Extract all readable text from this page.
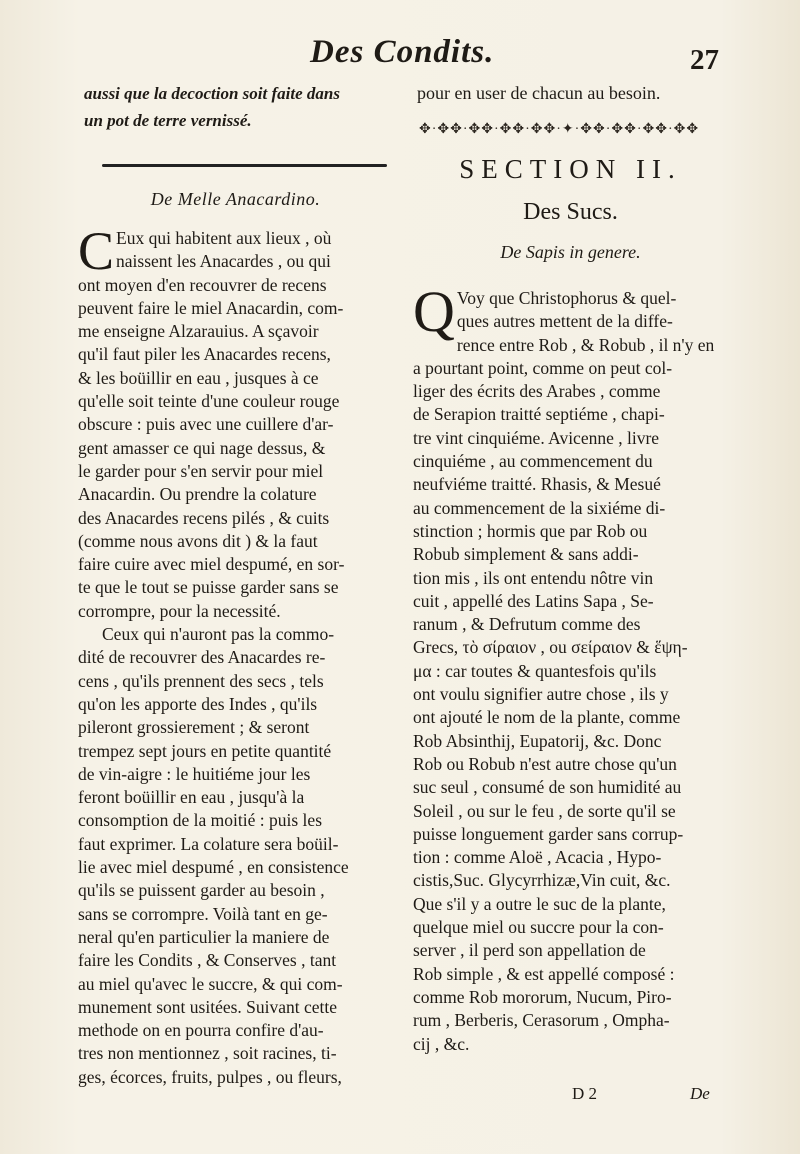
Des Condits.	27

aussi que la decoction soit faite dans
un pot de terre vernissé.

De Melle Anacardino.

C Eux qui habitent aux lieux , où
naissent les Anacardes , ou qui
ont moyen d'en recouvrer de recens
peuvent faire le miel Anacardin, com-
me enseigne Alzarauius. A sçavoir
qu'il faut piler les Anacardes recens,
& les boüillir en eau , jusques à ce
qu'elle soit teinte d'une couleur rouge
obscure : puis avec une cuillere d'ar-
gent amasser ce qui nage dessus, &
le garder pour s'en servir pour miel
Anacardin. Ou prendre la colature
des Anacardes recens pilés , & cuits
(comme nous avons dit ) & la faut
faire cuire avec miel despumé, en sor-
te que le tout se puisse garder sans se
corrompre, pour la necessité.

Ceux qui n'auront pas la commo-
dité de recouvrer des Anacardes re-
cens , qu'ils prennent des secs , tels
qu'on les apporte des Indes , qu'ils
pileront grossierement ; & seront
trempez sept jours en petite quantité
de vin-aigre : le huitiéme jour les
feront boüillir en eau , jusqu'à la
consomption de la moitié : puis les
faut exprimer. La colature sera boüil-
lie avec miel despumé , en consistence
qu'ils se puissent garder au besoin ,
sans se corrompre. Voilà tant en ge-
neral qu'en particulier la maniere de
faire les Condits , & Conserves , tant
au miel qu'avec le succre, & qui com-
munement sont usitées. Suivant cette
methode on en pourra confire d'au-
tres non mentionnez , soit racines, ti-
ges, écorces, fruits, pulpes , ou fleurs,

pour en user de chacun au besoin.

✥·✥✥·✥✥·✥✥·✥✥·✦·✥✥·✥✥·✥✥·✥✥
SECTION II.
Des Sucs.
De Sapis in genere.

Q Voy que Christophorus & quel-
ques autres mettent de la diffe-
rence entre Rob , & Robub , il n'y en
a pourtant point, comme on peut col-
liger des écrits des Arabes , comme
de Serapion traitté septiéme , chapi-
tre vint cinquiéme. Avicenne , livre
cinquiéme , au commencement du
neufviéme traitté. Rhasis, & Mesué
au commencement de la sixiéme di-
stinction ; hormis que par Rob ou
Robub simplement & sans addi-
tion mis , ils ont entendu nôtre vin
cuit , appellé des Latins Sapa , Se-
ranum , & Defrutum comme des
Grecs, τὸ σίραιον , ou σείραιον & ἕψη-
μα : car toutes & quantesfois qu'ils
ont voulu signifier autre chose , ils y
ont ajouté le nom de la plante, comme
Rob Absinthij, Eupatorij, &c. Donc
Rob ou Robub n'est autre chose qu'un
suc seul , consumé de son humidité au
Soleil , ou sur le feu , de sorte qu'il se
puisse longuement garder sans corrup-
tion : comme Aloë , Acacia , Hypo-
cistis,Suc. Glycyrrhizæ,Vin cuit, &c.
Que s'il y a outre le suc de la plante,
quelque miel ou succre pour la con-
server , il perd son appellation de
Rob simple , & est appellé composé :
comme Rob mororum, Nucum, Piro-
rum , Berberis, Cerasorum , Ompha-
cij , &c.

D 2	De
